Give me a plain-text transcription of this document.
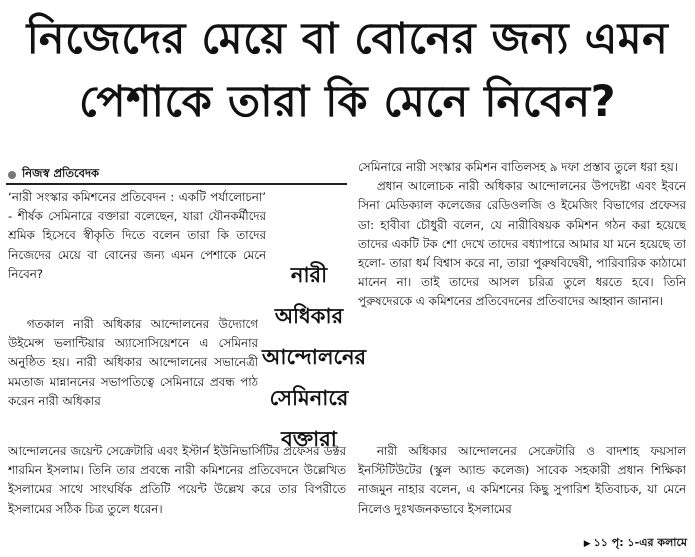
নিজেদের মেয়ে বা বোনের জন্য এমন
পেশাকে তারা কি মেনে নিবেন?
নিজস্ব প্রতিবেদক

‘নারী সংস্কার কমিশনের প্রতিবেদন : একটি পর্যালোচনা’ - শীর্ষক সেমিনারে বক্তারা বলেছেন, যারা যৌনকর্মীদের শ্রমিক হিসেবে স্বীকৃতি দিতে বলেন তারা কি তাদের নিজেদের মেয়ে বা বোনের জন্য এমন পেশাকে মেনে নিবেন?

গতকাল নারী অধিকার আন্দোলনের উদ্যোগে উইমেন্স ভলান্টিয়ার অ্যাসোসিয়েশনে এ সেমিনার অনুষ্ঠিত হয়। নারী অধিকার আন্দোলনের সভানেত্রী মমতাজ মান্নাননের সভাপতিত্বে সেমিনারে প্রবন্ধ পাঠ করেন নারী অধিকার

নারী অধিকার
আন্দোলনের
সেমিনারে
বক্তারা

আন্দোলনের জয়েন্ট সেক্রেটারি এবং ইস্টার্ন ইউনিভার্সিটির প্রফেসর ডক্টর শারমিন ইসলাম। তিনি তার প্রবন্ধে নারী কমিশনের প্রতিবেদনে উল্লেখিত ইসলামের সাথে সাংঘর্ষিক প্রতিটি পয়েন্ট উল্লেখ করে তার বিপরীতে ইসলামের সঠিক চিত্র তুলে ধরেন।

সেমিনারে নারী সংস্কার কমিশন বাতিলসহ ৯ দফা প্রস্তাব তুলে ধরা হয়।

প্রধান আলোচক নারী অধিকার আন্দোলনের উপদেষ্টা এবং ইবনে সিনা মেডিক্যাল কলেজের রেডিওলজি ও ইমেজিং বিভাগের প্রফেসর ডা: হাবীবা চৌধুরী বলেন, যে নারীবিষয়ক কমিশন গঠন করা হয়েছে তাদের একটি টক শো দেখে তাদের বধ্যাপারে আমার যা মনে হয়েছে তা হলো- তারা ধর্ম বিশ্বাস করে না, তারা পুরুষবিদ্বেষী, পারিবারিক কাঠামো মানেন না। তাই তাদের আসল চরিত্র তুলে ধরতে হবে। তিনি পুরুষদেরকে এ কমিশনের প্রতিবেদনের প্রতিবাদের আহ্বান জানান।

নারী অধিকার আন্দোলনের সেক্রেটারি ও বাদশাহ ফয়সাল ইনস্টিটিউটের (স্কুল অ্যান্ড কলেজ) সাবেক সহকারী প্রধান শিক্ষিকা নাজমুন নাহার বলেন, এ কমিশনের কিছু সুপারিশ ইতিবাচক, যা মেনে নিলেও দুঃখজনকভাবে ইসলামের

▶ ১১ পৃ: ১-এর কলামে
